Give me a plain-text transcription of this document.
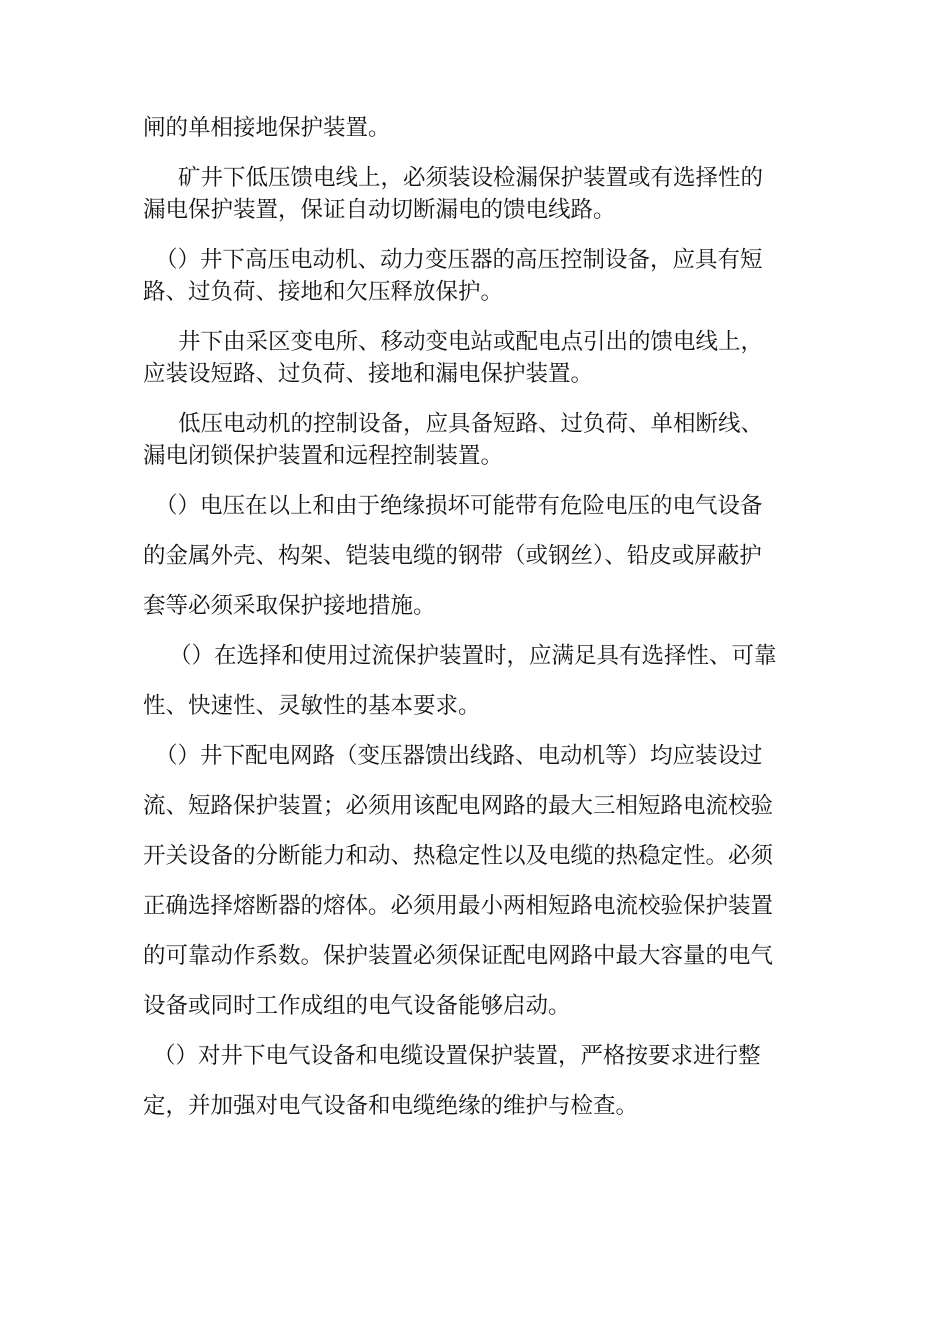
闸的单相接地保护装置。
矿井下低压馈电线上，必须装设检漏保护装置或有选择性的
漏电保护装置，保证自动切断漏电的馈电线路。
（）井下高压电动机、动力变压器的高压控制设备，应具有短
路、过负荷、接地和欠压释放保护。
井下由采区变电所、移动变电站或配电点引出的馈电线上，
应装设短路、过负荷、接地和漏电保护装置。
低压电动机的控制设备，应具备短路、过负荷、单相断线、
漏电闭锁保护装置和远程控制装置。
（）电压在以上和由于绝缘损坏可能带有危险电压的电气设备
的金属外壳、构架、铠装电缆的钢带（或钢丝）、铅皮或屏蔽护
套等必须采取保护接地措施。
（）在选择和使用过流保护装置时，应满足具有选择性、可靠
性、快速性、灵敏性的基本要求。
（）井下配电网路（变压器馈出线路、电动机等）均应装设过
流、短路保护装置；必须用该配电网路的最大三相短路电流校验
开关设备的分断能力和动、热稳定性以及电缆的热稳定性。必须
正确选择熔断器的熔体。必须用最小两相短路电流校验保护装置
的可靠动作系数。保护装置必须保证配电网路中最大容量的电气
设备或同时工作成组的电气设备能够启动。
（）对井下电气设备和电缆设置保护装置，严格按要求进行整
定，并加强对电气设备和电缆绝缘的维护与检查。
